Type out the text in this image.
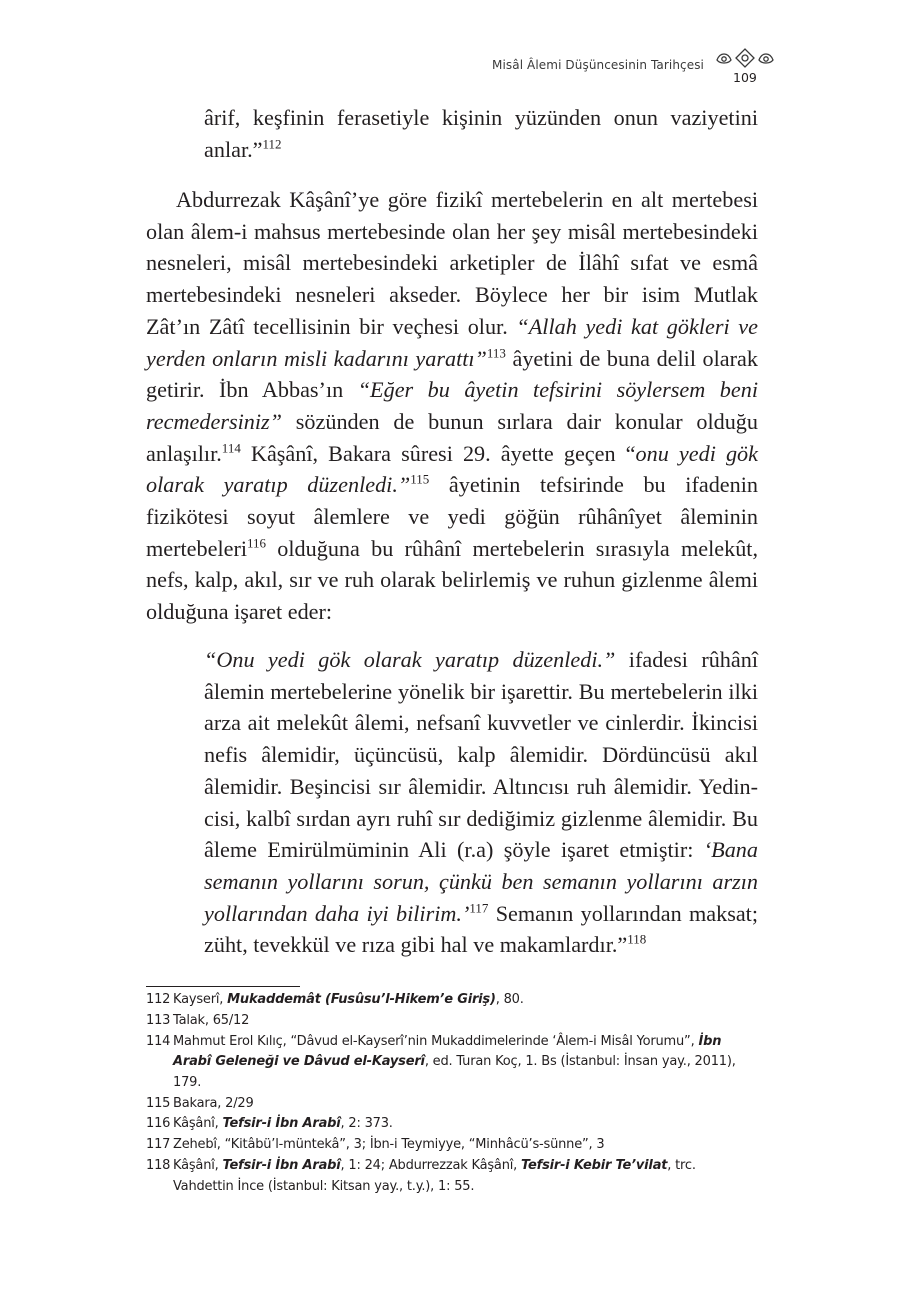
Misâl Âlemi Düşüncesinin Tarihçesi
109

ârif, keşfinin ferasetiyle kişinin yüzünden onun vaziyetini anlar.”$^{112}$

Abdurrezak Kâşânî’ye göre fizikî mertebelerin en alt mertebesi olan âlem-i mahsus mertebesinde olan her şey misâl mertebesindeki nesneleri, misâl mertebesindeki arketipler de İlâhî sıfat ve esmâ mertebesindeki nesneleri akseder. Böylece her bir isim Mutlak Zât’ın Zâtî tecellisinin bir veçhesi olur. “Allah yedi kat gökleri ve yerden onların misli kadarını yarattı”$^{113}$ âyetini de buna delil olarak getirir. İbn Abbas’ın “Eğer bu âyetin tefsirini söylersem beni recmedersiniz” sözünden de bunun sırlara dair konular olduğu anlaşılır.$^{114}$ Kâşânî, Bakara sûresi 29. âyette geçen “onu yedi gök olarak yaratıp düzenledi.”$^{115}$ âyetinin tefsirinde bu ifadenin fizikötesi soyut âlemlere ve yedi göğün rûhânîyet âleminin mertebeleri$^{116}$ olduğuna bu rûhânî mertebelerin sırasıyla melekût, nefs, kalp, akıl, sır ve ruh olarak belirlemiş ve ruhun gizlenme âlemi olduğuna işaret eder:

“Onu yedi gök olarak yaratıp düzenledi.” ifadesi rûhânî âlemin mertebelerine yönelik bir işarettir. Bu mertebelerin ilki arza ait melekût âlemi, nefsanî kuvvetler ve cinlerdir. İkincisi nefis âlemidir, üçüncüsü, kalp âlemidir. Dördüncüsü akıl âlemidir. Beşincisi sır âlemidir. Altıncısı ruh âlemidir. Yedincisi, kalbî sırdan ayrı ruhî sır dediğimiz gizlenme âlemidir. Bu âleme Emirülmüminin Ali (r.a) şöyle işaret etmiştir: ‘Bana semanın yollarını sorun, çünkü ben semanın yollarını arzın yollarından daha iyi bilirim.’$^{117}$ Semanın yollarından maksat; züht, tevekkül ve rıza gibi hal ve makamlardır.”$^{118}$

112 Kayserî, Mukaddemât (Fusûsu’l-Hikem’e Giriş), 80.
113 Talak, 65/12
114 Mahmut Erol Kılıç, “Dâvud el-Kayserî’nin Mukaddimelerinde ‘Âlem-i Misâl Yorumu”, İbn Arabî Geleneği ve Dâvud el-Kayserî, ed. Turan Koç, 1. Bs (İstanbul: İnsan yay., 2011), 179.
115 Bakara, 2/29
116 Kâşânî, Tefsir-i İbn Arabî, 2: 373.
117 Zehebî, “Kitâbü’l-müntekâ”, 3; İbn-i Teymiyye, “Minhâcü’s-sünne”, 3
118 Kâşânî, Tefsir-i İbn Arabî, 1: 24; Abdurrezzak Kâşânî, Tefsir-i Kebir Te’vilat, trc. Vahdettin İnce (İstanbul: Kitsan yay., t.y.), 1: 55.
